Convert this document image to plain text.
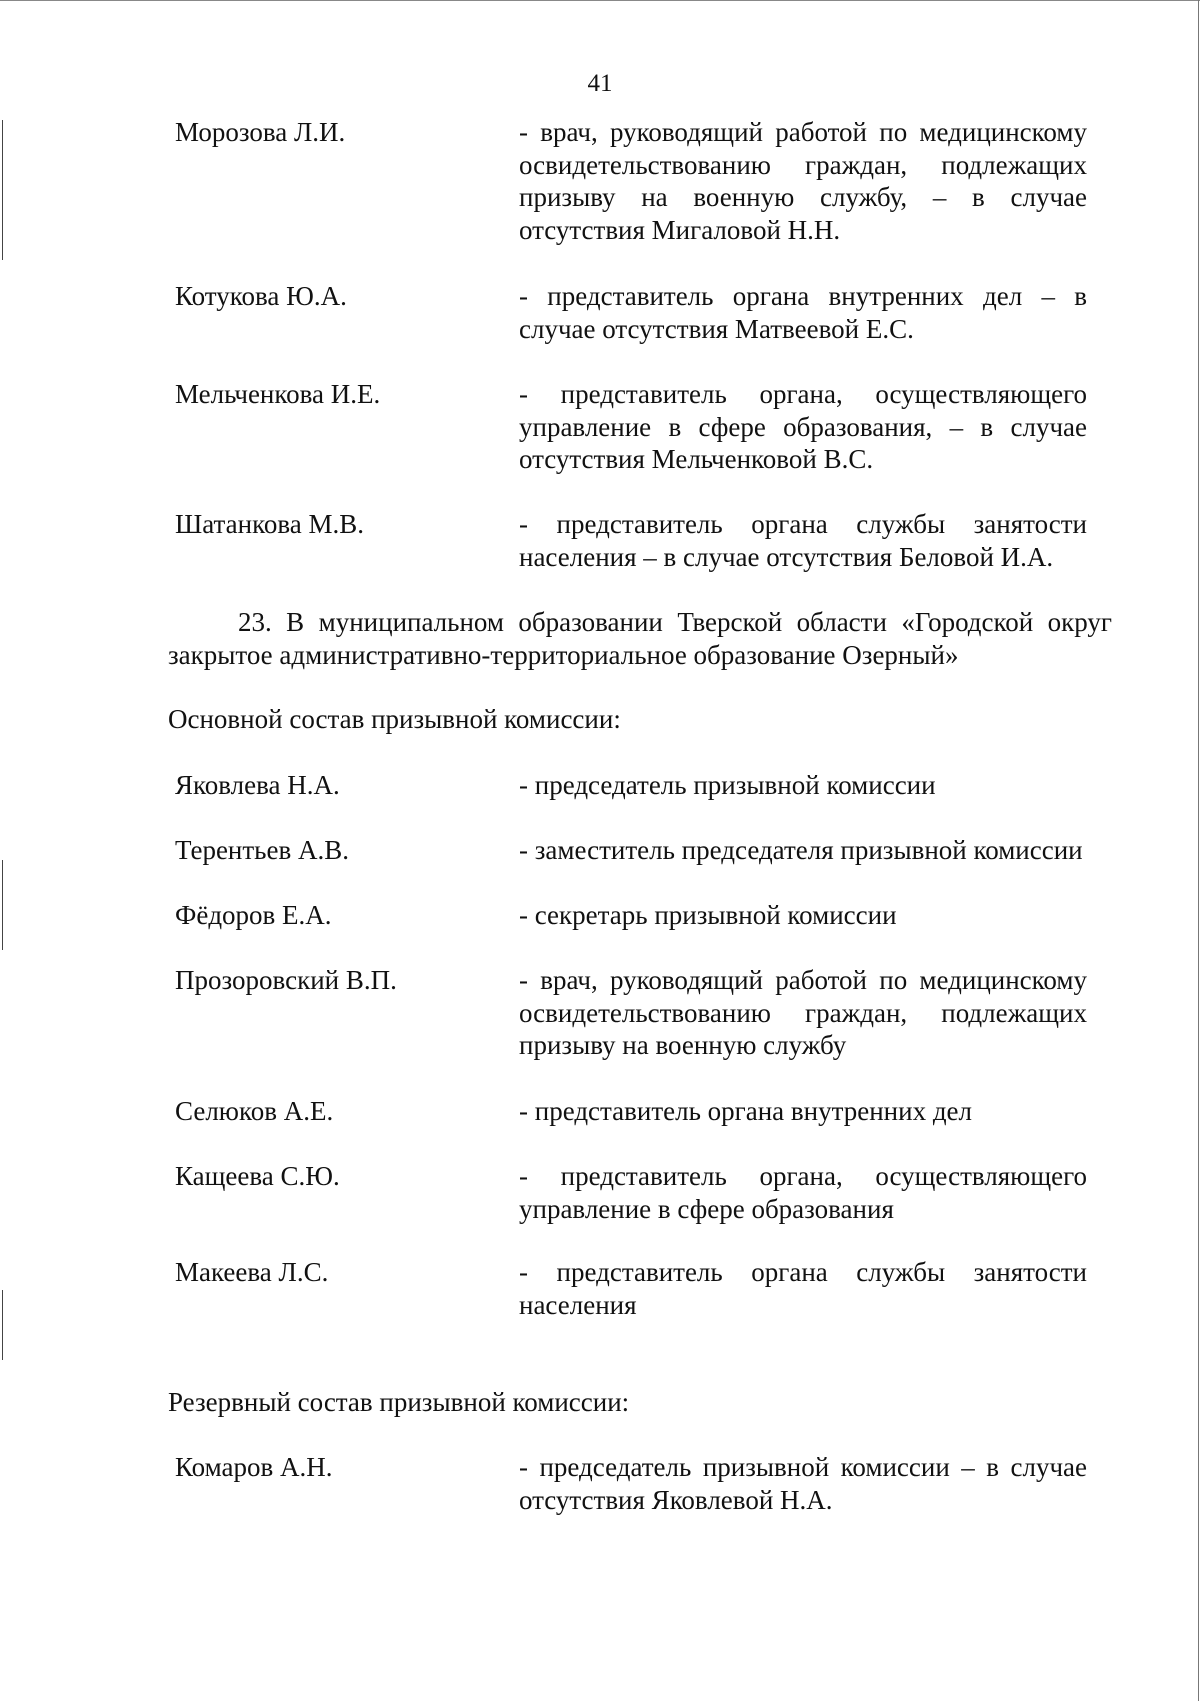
41
Морозова Л.И.	- врач, руководящий работой по медицинскому освидетельствованию граждан, подлежащих призыву на военную службу, – в случае отсутствия Мигаловой Н.Н.
Котукова Ю.А.	- представитель органа внутренних дел – в случае отсутствия Матвеевой Е.С.
Мельченкова И.Е.	- представитель органа, осуществляющего управление в сфере образования, – в случае отсутствия Мельченковой В.С.
Шатанкова М.В.	- представитель органа службы занятости населения – в случае отсутствия Беловой И.А.
23. В муниципальном образовании Тверской области «Городской округ закрытое административно-территориальное образование Озерный»
Основной состав призывной комиссии:
Яковлева Н.А.	- председатель призывной комиссии
Терентьев А.В.	- заместитель председателя призывной комиссии
Фёдоров Е.А.	- секретарь призывной комиссии
Прозоровский В.П.	- врач, руководящий работой по медицинскому освидетельствованию граждан, подлежащих призыву на военную службу
Селюков А.Е.	- представитель органа внутренних дел
Кащеева С.Ю.	- представитель органа, осуществляющего управление в сфере образования
Макеева Л.С.	- представитель органа службы занятости населения
Резервный состав призывной комиссии:
Комаров А.Н.	- председатель призывной комиссии – в случае отсутствия Яковлевой Н.А.
